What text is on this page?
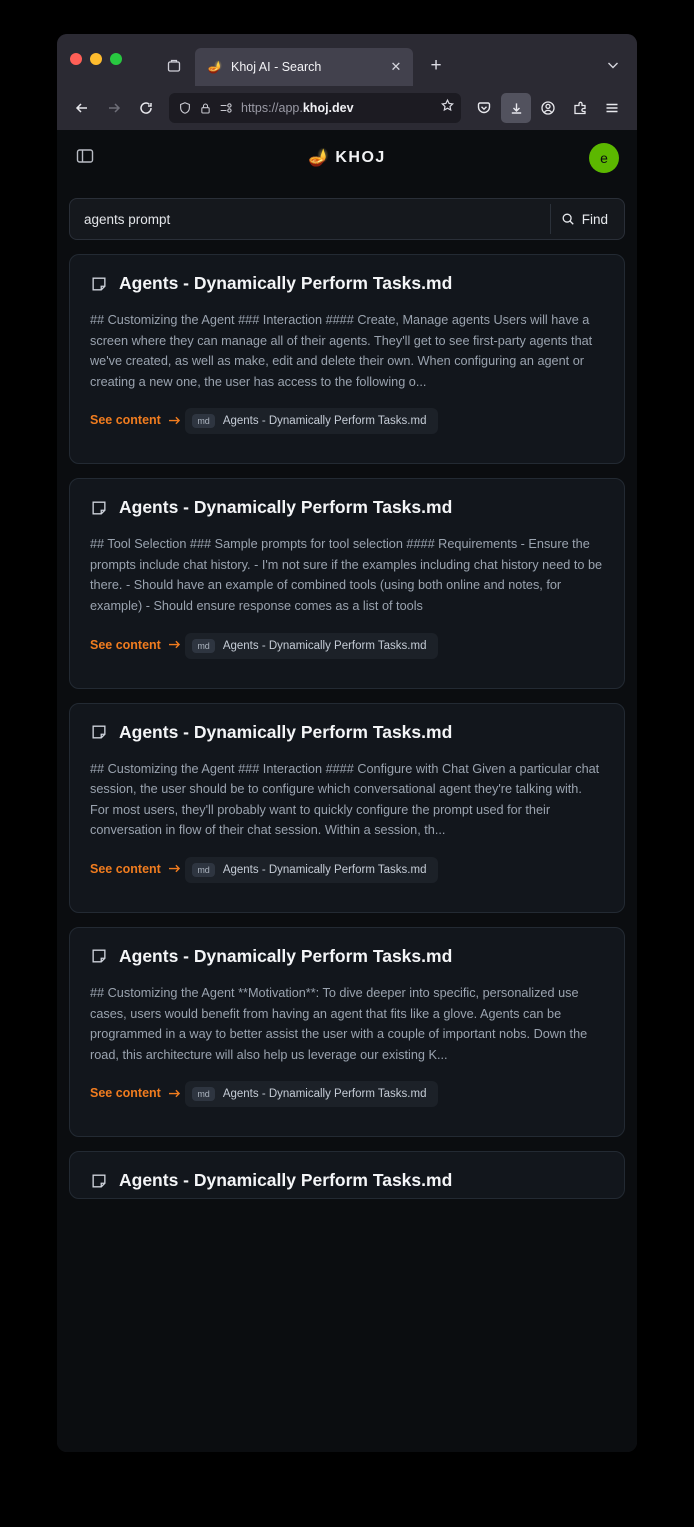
🪔 Khoj AI - Search	✕	+
https://app.khoj.dev
🪔 KHOJ	e
agents prompt	Find
Agents - Dynamically Perform Tasks.md
## Customizing the Agent ### Interaction #### Create, Manage agents Users will have a screen where they can manage all of their agents. They'll get to see first-party agents that we've created, as well as make, edit and delete their own. When configuring an agent or creating a new one, the user has access to the following o...
See content
	md	Agents - Dynamically Perform Tasks.md
Agents - Dynamically Perform Tasks.md
## Tool Selection ### Sample prompts for tool selection #### Requirements - Ensure the prompts include chat history. - I'm not sure if the examples including chat history need to be there. - Should have an example of combined tools (using both online and notes, for example) - Should ensure response comes as a list of tools
See content
	md	Agents - Dynamically Perform Tasks.md
Agents - Dynamically Perform Tasks.md
## Customizing the Agent ### Interaction #### Configure with Chat Given a particular chat session, the user should be to configure which conversational agent they're talking with. For most users, they'll probably want to quickly configure the prompt used for their conversation in flow of their chat session. Within a session, th...
See content
	md	Agents - Dynamically Perform Tasks.md
Agents - Dynamically Perform Tasks.md
## Customizing the Agent **Motivation**: To dive deeper into specific, personalized use cases, users would benefit from having an agent that fits like a glove. Agents can be programmed in a way to better assist the user with a couple of important nobs. Down the road, this architecture will also help us leverage our existing K...
See content
	md	Agents - Dynamically Perform Tasks.md
Agents - Dynamically Perform Tasks.md
